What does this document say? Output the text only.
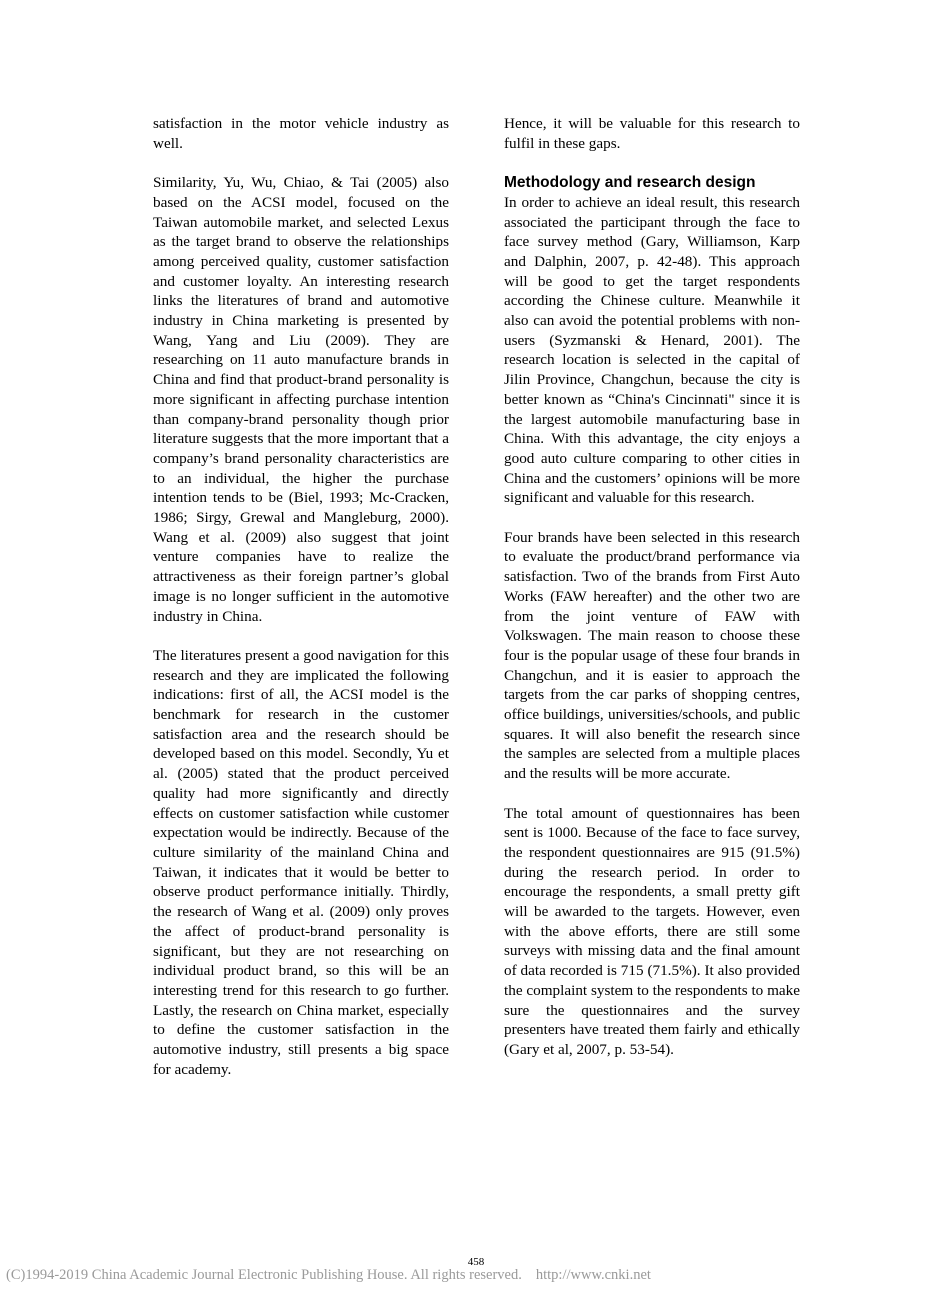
satisfaction in the motor vehicle industry as well.

Similarity, Yu, Wu, Chiao, & Tai (2005) also based on the ACSI model, focused on the Taiwan automobile market, and selected Lexus as the target brand to observe the relationships among perceived quality, customer satisfaction and customer loyalty. An interesting research links the literatures of brand and automotive industry in China marketing is presented by Wang, Yang and Liu (2009). They are researching on 11 auto manufacture brands in China and find that product-brand personality is more significant in affecting purchase intention than company-brand personality though prior literature suggests that the more important that a company’s brand personality characteristics are to an individual, the higher the purchase intention tends to be (Biel, 1993; Mc-Cracken, 1986; Sirgy, Grewal and Mangleburg, 2000). Wang et al. (2009) also suggest that joint venture companies have to realize the attractiveness as their foreign partner’s global image is no longer sufficient in the automotive industry in China.

The literatures present a good navigation for this research and they are implicated the following indications: first of all, the ACSI model is the benchmark for research in the customer satisfaction area and the research should be developed based on this model. Secondly, Yu et al. (2005) stated that the product perceived quality had more significantly and directly effects on customer satisfaction while customer expectation would be indirectly. Because of the culture similarity of the mainland China and Taiwan, it indicates that it would be better to observe product performance initially. Thirdly, the research of Wang et al. (2009) only proves the affect of product-brand personality is significant, but they are not researching on individual product brand, so this will be an interesting trend for this research to go further. Lastly, the research on China market, especially to define the customer satisfaction in the automotive industry, still presents a big space for academy.

Hence, it will be valuable for this research to fulfil in these gaps.

Methodology and research design

In order to achieve an ideal result, this research associated the participant through the face to face survey method (Gary, Williamson, Karp and Dalphin, 2007, p. 42-48). This approach will be good to get the target respondents according the Chinese culture. Meanwhile it also can avoid the potential problems with non-users (Syzmanski & Henard, 2001). The research location is selected in the capital of Jilin Province, Changchun, because the city is better known as “China's Cincinnati" since it is the largest automobile manufacturing base in China. With this advantage, the city enjoys a good auto culture comparing to other cities in China and the customers’ opinions will be more significant and valuable for this research.

Four brands have been selected in this research to evaluate the product/brand performance via satisfaction. Two of the brands from First Auto Works (FAW hereafter) and the other two are from the joint venture of FAW with Volkswagen. The main reason to choose these four is the popular usage of these four brands in Changchun, and it is easier to approach the targets from the car parks of shopping centres, office buildings, universities/schools, and public squares. It will also benefit the research since the samples are selected from a multiple places and the results will be more accurate.

The total amount of questionnaires has been sent is 1000. Because of the face to face survey, the respondent questionnaires are 915 (91.5%) during the research period. In order to encourage the respondents, a small pretty gift will be awarded to the targets. However, even with the above efforts, there are still some surveys with missing data and the final amount of data recorded is 715 (71.5%). It also provided the complaint system to the respondents to make sure the questionnaires and the survey presenters have treated them fairly and ethically (Gary et al, 2007, p. 53-54).

458
(C)1994-2019 China Academic Journal Electronic Publishing House. All rights reserved. http://www.cnki.net
